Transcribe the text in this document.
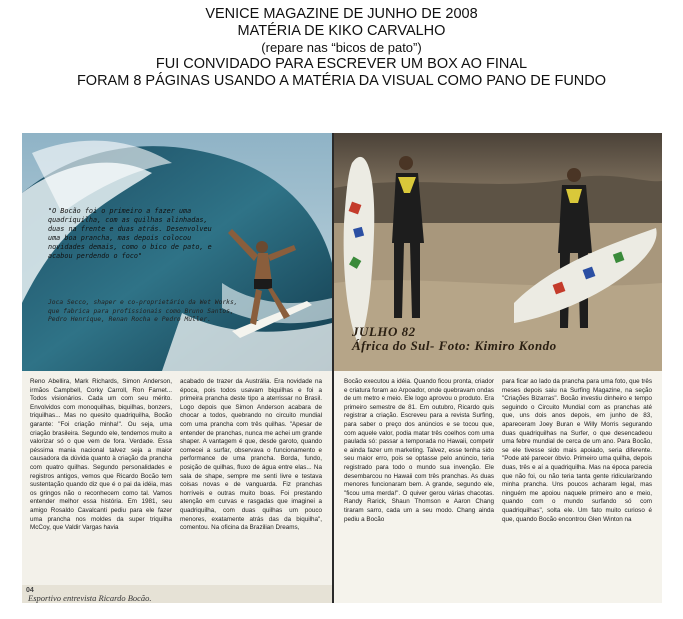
VENICE MAGAZINE DE JUNHO DE 2008
MATÉRIA DE KIKO CARVALHO
(repare nas “bicos de pato”)
FUI CONVIDADO PARA ESCREVER UM BOX AO FINAL
FORAM 8 PÁGINAS USANDO A MATÉRIA DA VISUAL COMO PANO DE FUNDO
"O Bocão foi o primeiro a fazer uma quadriquilha, com as quilhas alinhadas, duas na frente e duas atrás. Desenvolveu uma boa prancha, mas depois colocou novidades demais, como o bico de pato, e acabou perdendo o foco"
Joca Secco, shaper e co-proprietário da Wet Works, que fabrica para profissionais como Bruno Santos, Pedro Henrique, Renan Rocha e Pedro Müller.
Reno Abellira, Mark Richards, Simon Anderson, irmãos Campbell, Corky Carroll, Ron Farnet... Todos visionários. Cada um com seu mérito. Envolvidos com monoquilhas, biquilhas, bonzers, triquilhas... Mas no quesito quadriquilha, Bocão garante: "Foi criação minha!". Ou seja, uma criação brasileira. Segundo ele, tendemos muito a valorizar só o que vem de fora. Verdade. Essa péssima mania nacional talvez seja a maior causadora da dúvida quanto à criação da prancha com quatro quilhas. Segundo personalidades e registros antigos, vemos que Ricardo Bocão tem sustentação quando diz que é o pai da idéia, mas os gringos não o reconhecem como tal. Vamos entender melhor essa história. Em 1981, seu amigo Rosaldo Cavalcanti pediu para ele fazer uma prancha nos moldes da super triquilha McCoy, que Valdir Vargas havia
acabado de trazer da Austrália. Era novidade na época, pois todos usavam biquilhas e foi a primeira prancha deste tipo a aterrissar no Brasil. Logo depois que Simon Anderson acabara de chocar a todos, quebrando no circuito mundial com uma prancha com três quilhas. "Apesar de entender de pranchas, nunca me achei um grande shaper. A vantagem é que, desde garoto, quando comecei a surfar, observava o funcionamento e performance de uma prancha. Borda, fundo, posição de quilhas, fluxo de água entre elas... Na sala de shape, sempre me senti livre e testava coisas novas e de vanguarda. Fiz pranchas horríveis e outras muito boas. Foi prestando atenção em curvas e rasgadas que imaginei a quadriquilha, com duas quilhas um pouco menores, exatamente atrás das da biquilha", comentou. Na oficina da Brazilian Dreams,
04
Esportivo entrevista Ricardo Bocão.
JULHO 82
África do Sul- Foto: Kimiro Kondo
Bocão executou a idéia. Quando ficou pronta, criador e criatura foram ao Arpoador, onde quebravam ondas de um metro e meio. Ele logo aprovou o produto. Era primeiro semestre de 81. Em outubro, Ricardo quis registrar a criação. Escreveu para a revista Surfing, para saber o preço dos anúncios e se tocou que, com aquele valor, podia matar três coelhos com uma paulada só: passar a temporada no Hawaii, competir e ainda fazer um marketing. Talvez, esse tenha sido seu maior erro, pois se optasse pelo anúncio, teria registrado para todo o mundo sua invenção. Ele desembarcou no Hawaii com três pranchas. As duas menores funcionaram bem. A grande, segundo ele, "ficou uma merda!". O quiver gerou várias chacotas. Randy Rarick, Shaun Thomson e Aaron Chang tiraram sarro, cada um a seu modo. Chang ainda pediu a Bocão
para ficar ao lado da prancha para uma foto, que três meses depois saiu na Surfing Magazine, na seção "Criações Bizarras". Bocão investiu dinheiro e tempo seguindo o Circuito Mundial com as pranchas até que, uns dois anos depois, em junho de 83, apareceram Joey Buran e Willy Morris segurando duas quadriquilhas na Surfer, o que desencadeou uma febre mundial de cerca de um ano. Para Bocão, se ele tivesse sido mais apoiado, seria diferente. "Pode até parecer óbvio. Primeiro uma quilha, depois duas, três e aí a quadriquilha. Mas na época parecia que não foi, ou não teria tanta gente ridicularizando minha prancha. Uns poucos acharam legal, mas ninguém me apoiou naquele primeiro ano e meio, quando com o mundo surfando só com quadriquilhas", solta ele. Um fato muito curioso é que, quando Bocão encontrou Glen Winton na
